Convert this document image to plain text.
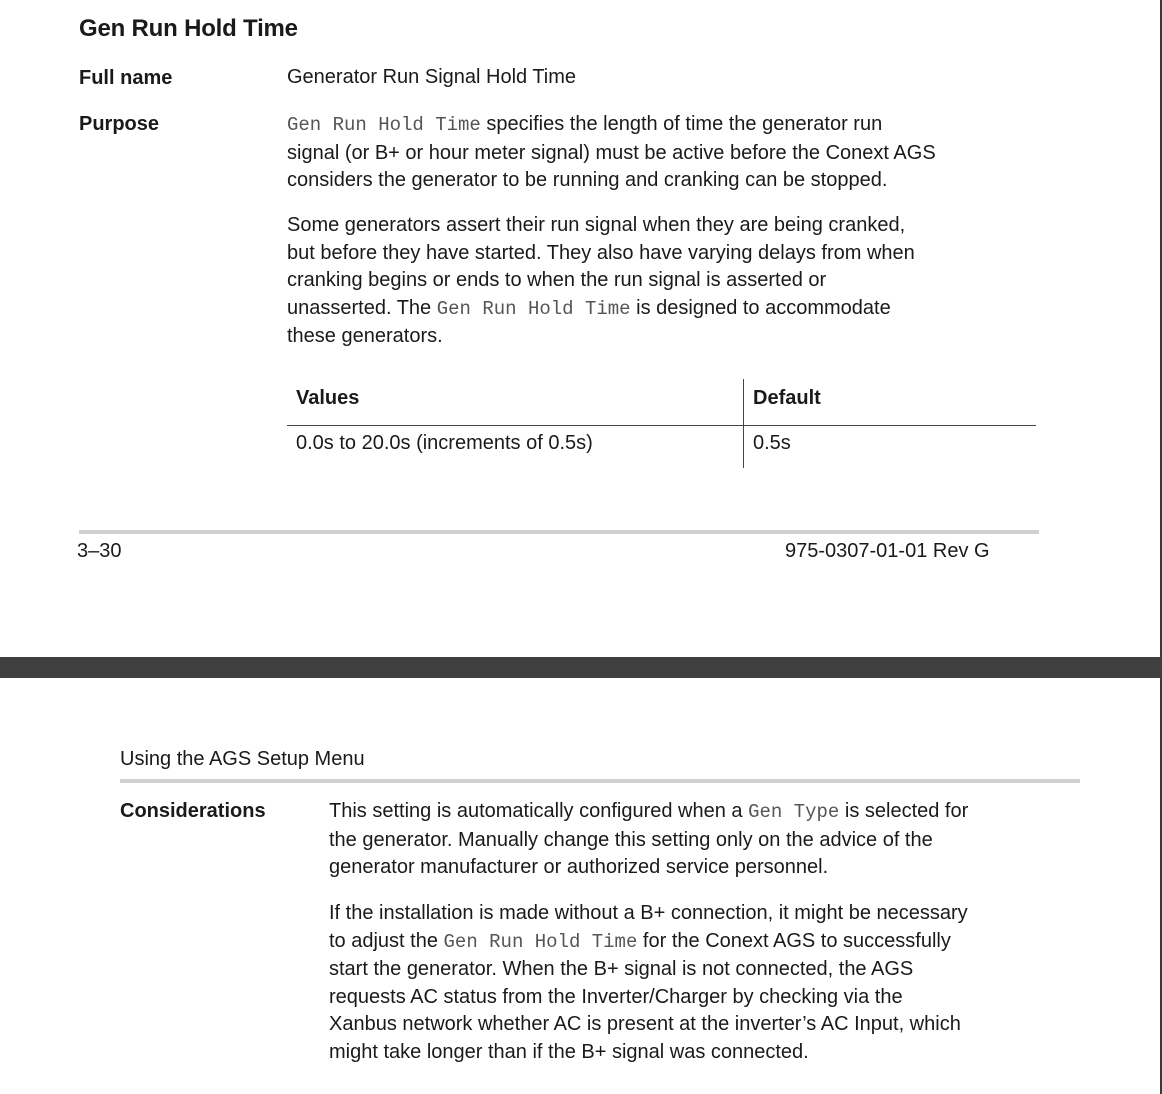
Gen Run Hold Time
Full name	Generator Run Signal Hold Time
Purpose	Gen Run Hold Time specifies the length of time the generator run
signal (or B+ or hour meter signal) must be active before the Conext AGS
considers the generator to be running and cranking can be stopped.
Some generators assert their run signal when they are being cranked,
but before they have started. They also have varying delays from when
cranking begins or ends to when the run signal is asserted or
unasserted. The Gen Run Hold Time is designed to accommodate
these generators.
Values	Default
0.0s to 20.0s (increments of 0.5s)	0.5s
3–30	975-0307-01-01 Rev G
Using the AGS Setup Menu
Considerations	This setting is automatically configured when a Gen Type is selected for
the generator. Manually change this setting only on the advice of the
generator manufacturer or authorized service personnel.
If the installation is made without a B+ connection, it might be necessary
to adjust the Gen Run Hold Time for the Conext AGS to successfully
start the generator. When the B+ signal is not connected, the AGS
requests AC status from the Inverter/Charger by checking via the
Xanbus network whether AC is present at the inverter’s AC Input, which
might take longer than if the B+ signal was connected.
